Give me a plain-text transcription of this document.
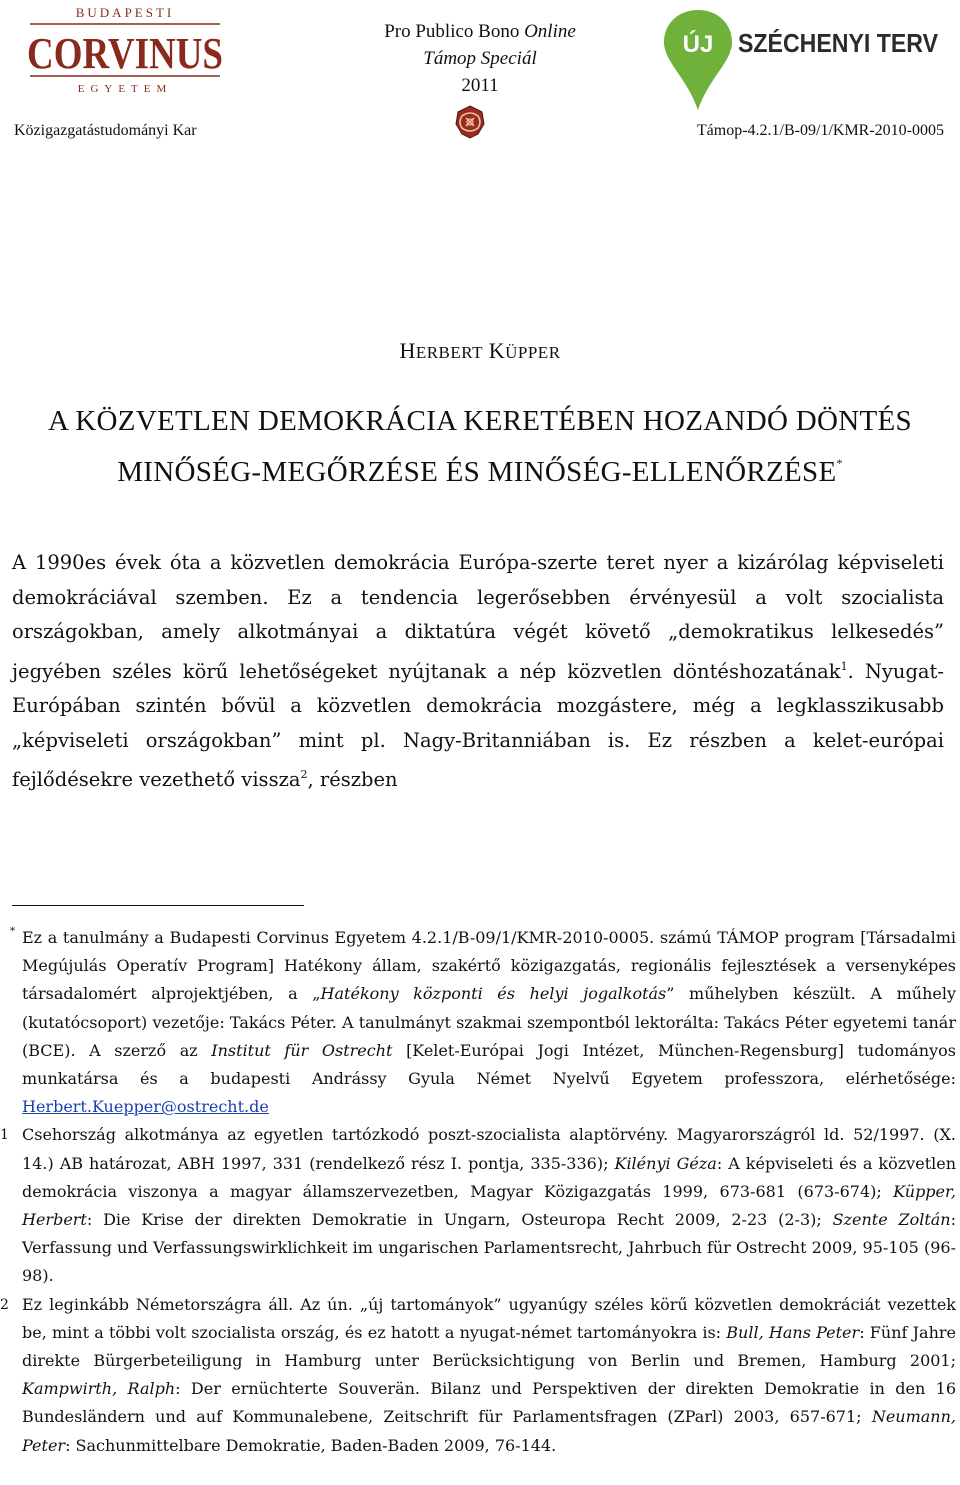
BUDAPESTI
CORVINUS
EGYETEM
Pro Publico Bono Online
Támop Speciál
2011
Közigazgatástudományi Kar
ÚJ SZÉCHENYI TERV
Támop-4.2.1/B-09/1/KMR-2010-0005
HERBERT KÜPPER
A KÖZVETLEN DEMOKRÁCIA KERETÉBEN HOZANDÓ DÖNTÉS
MINŐSÉG-MEGŐRZÉSE ÉS MINŐSÉG-ELLENŐRZÉSE*

A 1990es évek óta a közvetlen demokrácia Európa-szerte teret nyer a kizárólag képviseleti demokráciával szemben. Ez a tendencia legerősebben érvényesül a volt szocialista országokban, amely alkotmányai a diktatúra végét követő „demokratikus lelkesedés” jegyében széles körű lehetőségeket nyújtanak a nép közvetlen döntéshozatának$^1$. Nyugat-Európában szintén bővül a közvetlen demokrácia mozgástere, még a legklasszikusabb „képviseleti országokban” mint pl. Nagy-Britanniában is. Ez részben a kelet-európai fejlődésekre vezethető vissza$^2$, részben

* Ez a tanulmány a Budapesti Corvinus Egyetem 4.2.1/B-09/1/KMR-2010-0005. számú TÁMOP program [Társadalmi Megújulás Operatív Program] Hatékony állam, szakértő közigazgatás, regionális fejlesztések a versenyképes társadalomért alprojektjében, a „Hatékony központi és helyi jogalkotás” műhelyben készült. A műhely (kutatócsoport) vezetője: Takács Péter. A tanulmányt szakmai szempontból lektorálta: Takács Péter egyetemi tanár (BCE). A szerző az Institut für Ostrecht [Kelet-Európai Jogi Intézet, München-Regensburg] tudományos munkatársa és a budapesti Andrássy Gyula Német Nyelvű Egyetem professzora, elérhetősége: Herbert.Kuepper@ostrecht.de

1 Csehország alkotmánya az egyetlen tartózkodó poszt-szocialista alaptörvény. Magyarországról ld. 52/1997. (X. 14.) AB határozat, ABH 1997, 331 (rendelkező rész I. pontja, 335-336); Kilényi Géza: A képviseleti és a közvetlen demokrácia viszonya a magyar államszervezetben, Magyar Közigazgatás 1999, 673-681 (673-674); Küpper, Herbert: Die Krise der direkten Demokratie in Ungarn, Osteuropa Recht 2009, 2-23 (2-3); Szente Zoltán: Verfassung und Verfassungswirklichkeit im ungarischen Parlamentsrecht, Jahrbuch für Ostrecht 2009, 95-105 (96-98).

2 Ez leginkább Németországra áll. Az ún. „új tartományok” ugyanúgy széles körű közvetlen demokráciát vezettek be, mint a többi volt szocialista ország, és ez hatott a nyugat-német tartományokra is: Bull, Hans Peter: Fünf Jahre direkte Bürgerbeteiligung in Hamburg unter Berücksichtigung von Berlin und Bremen, Hamburg 2001; Kampwirth, Ralph: Der ernüchterte Souverän. Bilanz und Perspektiven der direkten Demokratie in den 16 Bundesländern und auf Kommunalebene, Zeitschrift für Parlamentsfragen (ZParl) 2003, 657-671; Neumann, Peter: Sachunmittelbare Demokratie, Baden-Baden 2009, 76-144.
